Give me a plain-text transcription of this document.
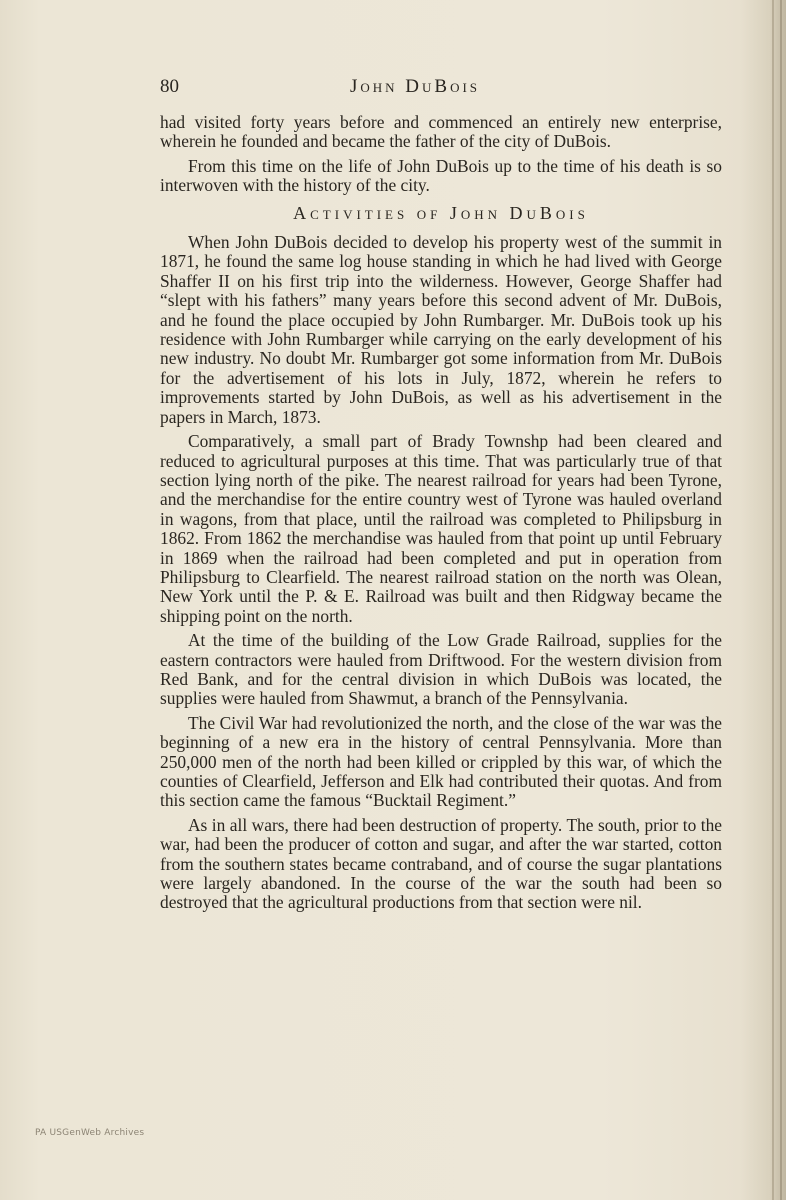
80	John DuBois

had visited forty years before and commenced an entirely new enterprise, wherein he founded and became the father of the city of DuBois.

From this time on the life of John DuBois up to the time of his death is so interwoven with the history of the city.

Activities of John DuBois

When John DuBois decided to develop his property west of the summit in 1871, he found the same log house standing in which he had lived with George Shaffer II on his first trip into the wilderness. However, George Shaffer had “slept with his fathers” many years before this second advent of Mr. DuBois, and he found the place occupied by John Rumbarger. Mr. DuBois took up his residence with John Rumbarger while carrying on the early development of his new industry. No doubt Mr. Rumbarger got some information from Mr. DuBois for the advertisement of his lots in July, 1872, wherein he refers to improvements started by John DuBois, as well as his advertisement in the papers in March, 1873.

Comparatively, a small part of Brady Townshp had been cleared and reduced to agricultural purposes at this time. That was particularly true of that section lying north of the pike. The nearest railroad for years had been Tyrone, and the merchandise for the entire country west of Tyrone was hauled overland in wagons, from that place, until the railroad was completed to Philipsburg in 1862. From 1862 the merchandise was hauled from that point up until February in 1869 when the railroad had been completed and put in operation from Philipsburg to Clearfield. The nearest railroad station on the north was Olean, New York until the P. & E. Railroad was built and then Ridgway became the shipping point on the north.

At the time of the building of the Low Grade Railroad, supplies for the eastern contractors were hauled from Driftwood. For the western division from Red Bank, and for the central division in which DuBois was located, the supplies were hauled from Shawmut, a branch of the Pennsylvania.

The Civil War had revolutionized the north, and the close of the war was the beginning of a new era in the history of central Pennsylvania. More than 250,000 men of the north had been killed or crippled by this war, of which the counties of Clearfield, Jefferson and Elk had contributed their quotas. And from this section came the famous “Bucktail Regiment.”

As in all wars, there had been destruction of property. The south, prior to the war, had been the producer of cotton and sugar, and after the war started, cotton from the southern states became contraband, and of course the sugar plantations were largely abandoned. In the course of the war the south had been so destroyed that the agricultural productions from that section were nil.

PA USGenWeb Archives
